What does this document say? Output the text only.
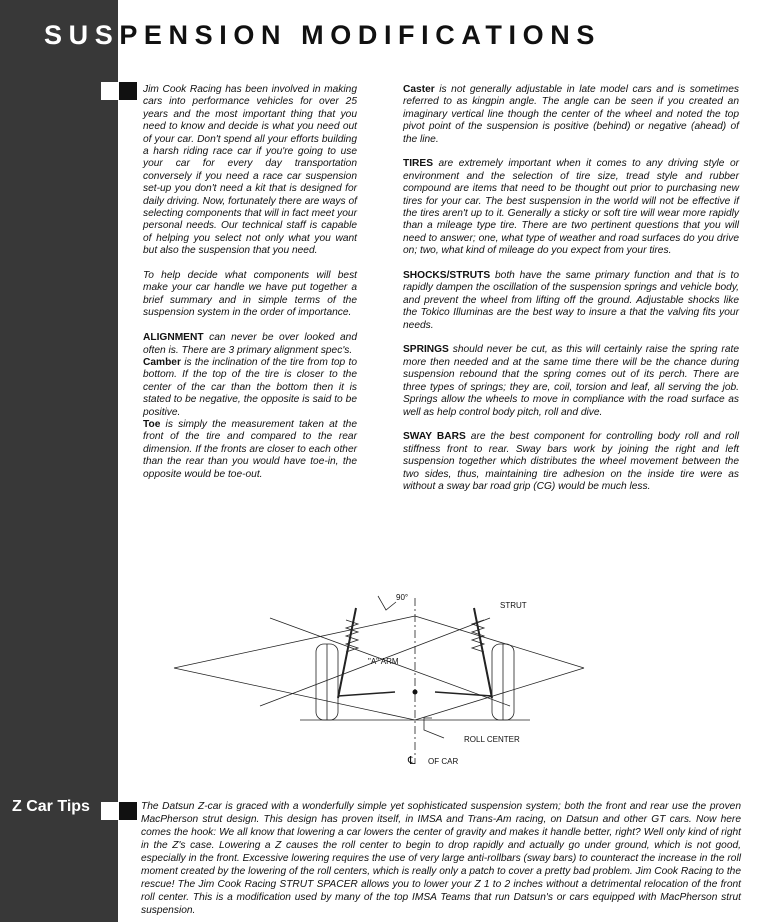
SUSPENSION MODIFICATIONS

Jim Cook Racing has been involved in making cars into performance vehicles for over 25 years and the most important thing that you need to know and decide is what you need out of your car. Don't spend all your efforts building a harsh riding race car if you're going to use your car for every day transportation conversely if you need a race car suspension set-up you don't need a kit that is designed for daily driving. Now, fortunately there are ways of selecting components that will in fact meet your personal needs. Our technical staff is capable of helping you select not only what you want but also the suspension that you need.

To help decide what components will best make your car handle we have put together a brief summary and in simple terms of the suspension system in the order of importance.

ALIGNMENT can never be over looked and often is. There are 3 primary alignment spec's.

Camber is the inclination of the tire from top to bottom. If the top of the tire is closer to the center of the car than the bottom then it is stated to be negative, the opposite is said to be positive.

Toe is simply the measurement taken at the front of the tire and compared to the rear dimension. If the fronts are closer to each other than the rear than you would have toe-in, the opposite would be toe-out.

Caster is not generally adjustable in late model cars and is sometimes referred to as kingpin angle. The angle can be seen if you created an imaginary vertical line though the center of the wheel and noted the top pivot point of the suspension is positive (behind) or negative (ahead) of the line.

TIRES are extremely important when it comes to any driving style or environment and the selection of tire size, tread style and rubber compound are items that need to be thought out prior to purchasing new tires for your car. The best suspension in the world will not be effective if the tires aren't up to it. Generally a sticky or soft tire will wear more rapidly than a mileage type tire. There are two pertinent questions that you will need to answer; one, what type of weather and road surfaces do you drive on; two, what kind of mileage do you expect from your tires.

SHOCKS/STRUTS both have the same primary function and that is to rapidly dampen the oscillation of the suspension springs and vehicle body, and prevent the wheel from lifting off the ground. Adjustable shocks like the Tokico Illuminas are the best way to insure a that the valving fits your needs.

SPRINGS should never be cut, as this will certainly raise the spring rate more then needed and at the same time there will be the chance during suspension rebound that the spring comes out of its perch. There are three types of springs; they are, coil, torsion and leaf, all serving the job. Springs allow the wheels to move in compliance with the road surface as well as help control body pitch, roll and dive.

SWAY BARS are the best component for controlling body roll and roll stiffness front to rear. Sway bars work by joining the right and left suspension together which distributes the wheel movement between the two sides, thus, maintaining tire adhesion on the inside tire were as without a sway bar road grip (CG) would be much less.

90°
STRUT
"A" ARM
ROLL CENTER
℄ OF CAR
Z Car Tips	The Datsun Z-car is graced with a wonderfully simple yet sophisticated suspension system; both the front and rear use the proven MacPherson strut design. This design has proven itself, in IMSA and Trans-Am racing, on Datsun and other GT cars. Now here comes the hook: We all know that lowering a car lowers the center of gravity and makes it handle better, right? Well only kind of right in the Z's case. Lowering a Z causes the roll center to begin to drop rapidly and actually go under ground, which is not good, especially in the front. Excessive lowering requires the use of very large anti-rollbars (sway bars) to counteract the increase in the roll moment created by the lowering of the roll centers, which is really only a patch to cover a pretty bad problem. Jim Cook Racing to the rescue! The Jim Cook Racing STRUT SPACER allows you to lower your Z 1 to 2 inches without a detrimental relocation of the front roll center. This is a modification used by many of the top IMSA Teams that run Datsun's or cars equipped with MacPherson strut suspension.
